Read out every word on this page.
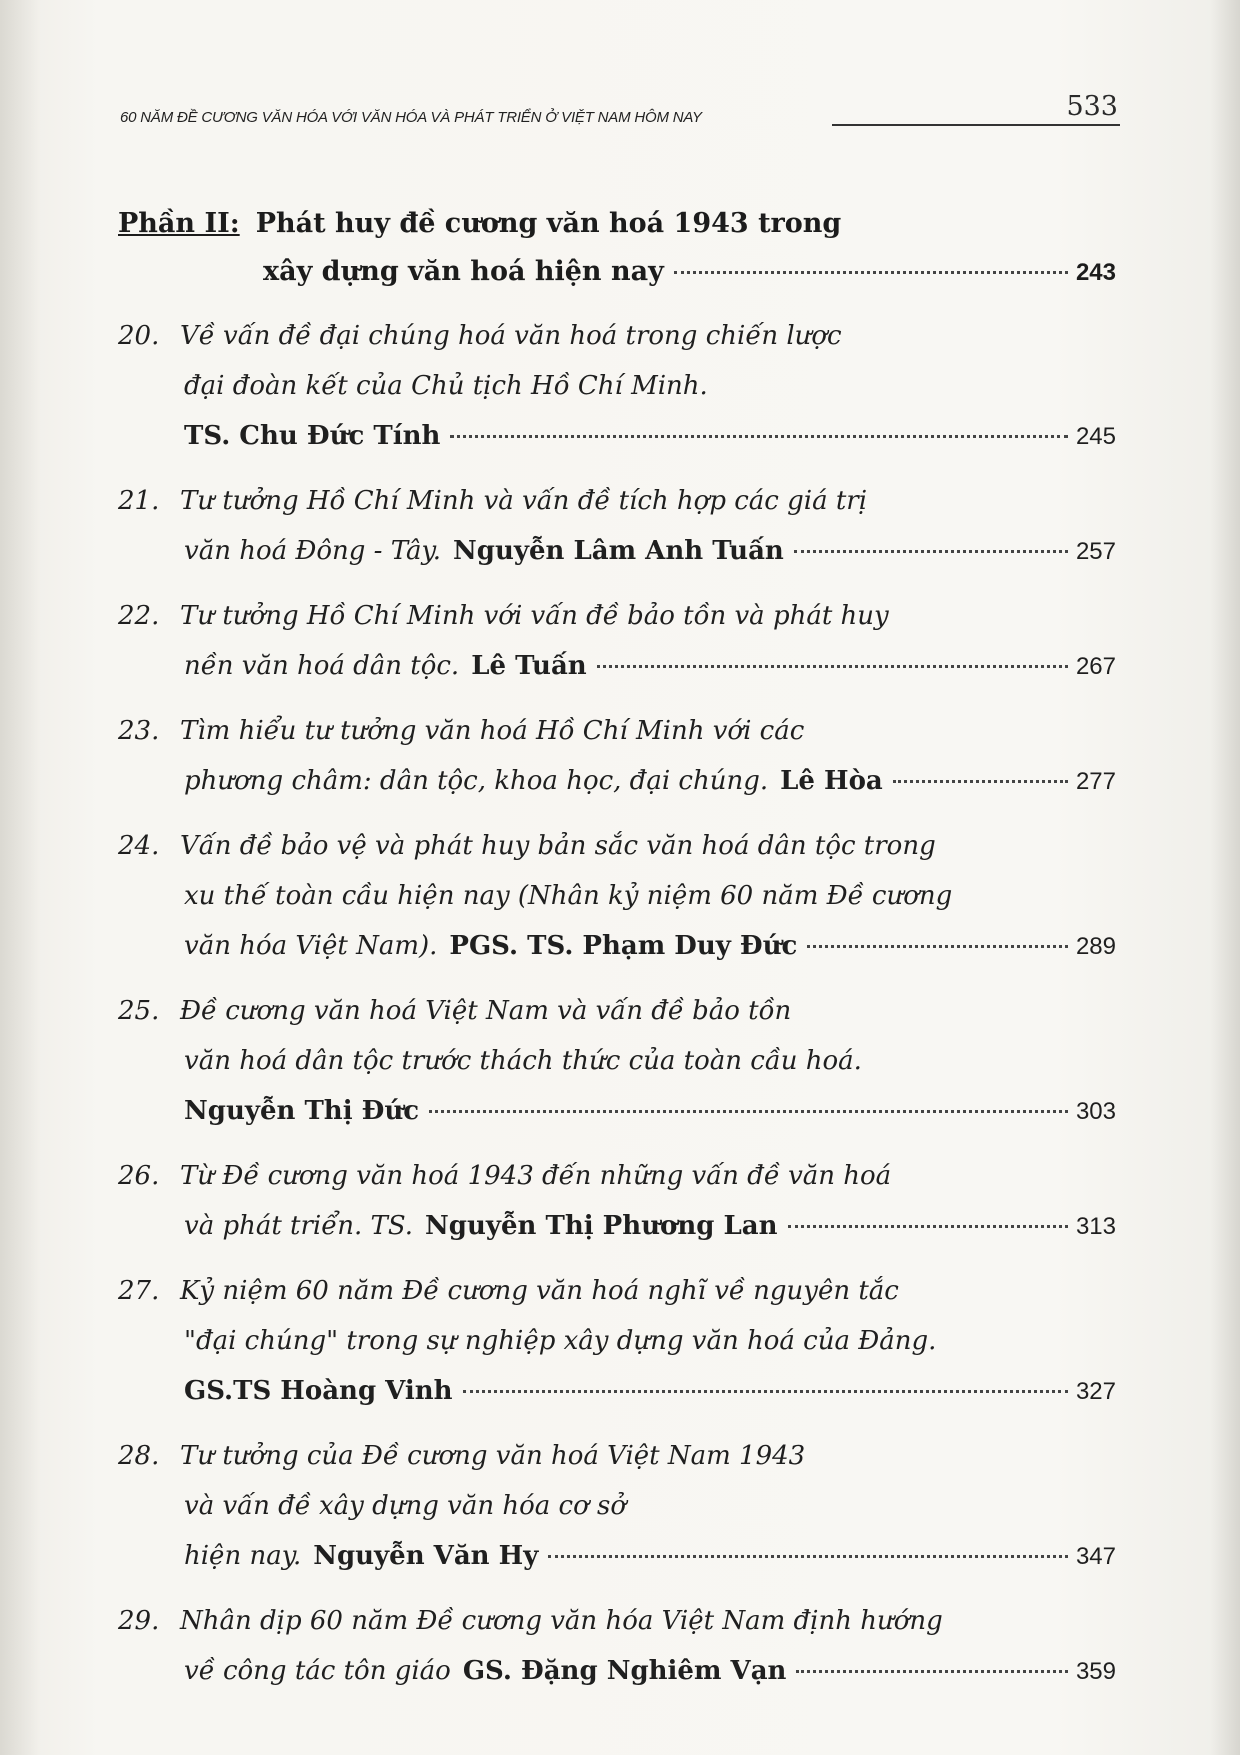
60 NĂM ĐỀ CƯƠNG VĂN HÓA VỚI VĂN HÓA VÀ PHÁT TRIỂN Ở VIỆT NAM HÔM NAY	533
Phần II: Phát huy đề cương văn hoá 1943 trong
xây dựng văn hoá hiện nay	243
20. Về vấn đề đại chúng hoá văn hoá trong chiến lược
đại đoàn kết của Chủ tịch Hồ Chí Minh.
TS. Chu Đức Tính	245
21. Tư tưởng Hồ Chí Minh và vấn đề tích hợp các giá trị
văn hoá Đông - Tây. Nguyễn Lâm Anh Tuấn	257
22. Tư tưởng Hồ Chí Minh với vấn đề bảo tồn và phát huy
nền văn hoá dân tộc. Lê Tuấn	267
23. Tìm hiểu tư tưởng văn hoá Hồ Chí Minh với các
phương châm: dân tộc, khoa học, đại chúng. Lê Hòa	277
24. Vấn đề bảo vệ và phát huy bản sắc văn hoá dân tộc trong
xu thế toàn cầu hiện nay (Nhân kỷ niệm 60 năm Đề cương
văn hóa Việt Nam). PGS. TS. Phạm Duy Đức	289
25. Đề cương văn hoá Việt Nam và vấn đề bảo tồn
văn hoá dân tộc trước thách thức của toàn cầu hoá.
Nguyễn Thị Đức	303
26. Từ Đề cương văn hoá 1943 đến những vấn đề văn hoá
và phát triển. TS. Nguyễn Thị Phương Lan	313
27. Kỷ niệm 60 năm Đề cương văn hoá nghĩ về nguyên tắc
"đại chúng" trong sự nghiệp xây dựng văn hoá của Đảng.
GS.TS Hoàng Vinh	327
28. Tư tưởng của Đề cương văn hoá Việt Nam 1943
và vấn đề xây dựng văn hóa cơ sở
hiện nay. Nguyễn Văn Hy	347
29. Nhân dịp 60 năm Đề cương văn hóa Việt Nam định hướng
về công tác tôn giáo GS. Đặng Nghiêm Vạn	359
